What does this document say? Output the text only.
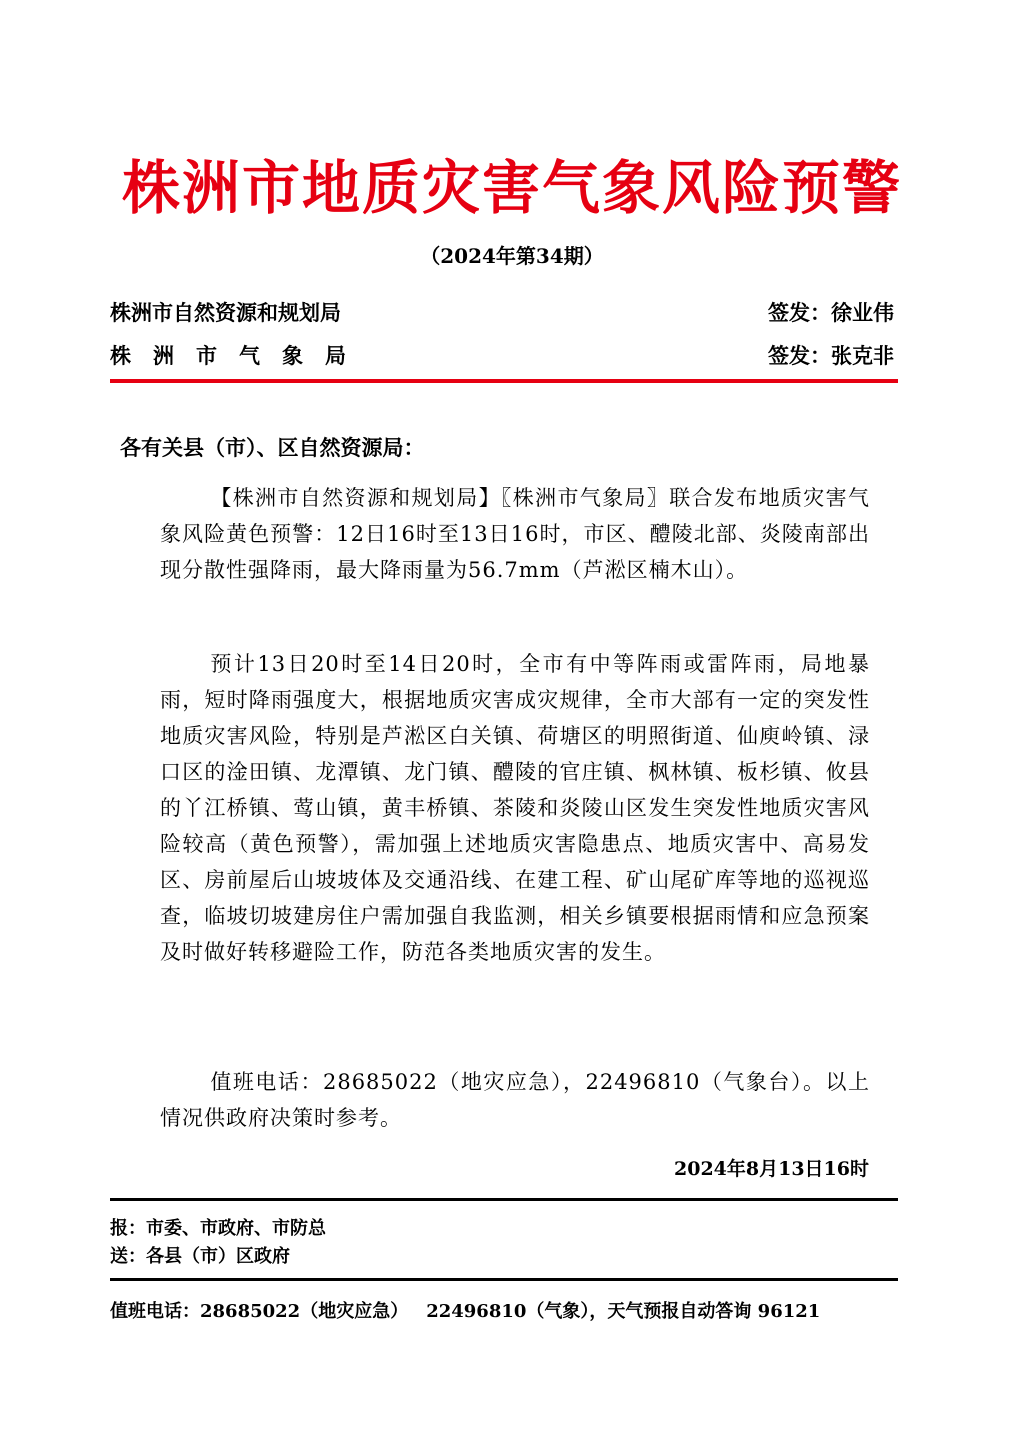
株洲市地质灾害气象风险预警
（2024年第34期）
株洲市自然资源和规划局	签发：徐业伟
株洲市气象局	签发：张克非
各有关县（市）、区自然资源局：
【株洲市自然资源和规划局】〖株洲市气象局〗联合发布地质灾害气象风险黄色预警：12日16时至13日16时，市区、醴陵北部、炎陵南部出现分散性强降雨，最大降雨量为56.7mm（芦淞区楠木山）。
预计13日20时至14日20时，全市有中等阵雨或雷阵雨，局地暴雨，短时降雨强度大，根据地质灾害成灾规律，全市大部有一定的突发性地质灾害风险，特别是芦淞区白关镇、荷塘区的明照街道、仙庾岭镇、渌口区的淦田镇、龙潭镇、龙门镇、醴陵的官庄镇、枫林镇、板杉镇、攸县的丫江桥镇、莺山镇，黄丰桥镇、茶陵和炎陵山区发生突发性地质灾害风险较高（黄色预警），需加强上述地质灾害隐患点、地质灾害中、高易发区、房前屋后山坡坡体及交通沿线、在建工程、矿山尾矿库等地的巡视巡查，临坡切坡建房住户需加强自我监测，相关乡镇要根据雨情和应急预案及时做好转移避险工作，防范各类地质灾害的发生。
值班电话：28685022（地灾应急），22496810（气象台）。以上情况供政府决策时参考。
2024年8月13日16时
报：市委、市政府、市防总
送：各县（市）区政府
值班电话：28685022（地灾应急） 22496810（气象），天气预报自动答询 96121
